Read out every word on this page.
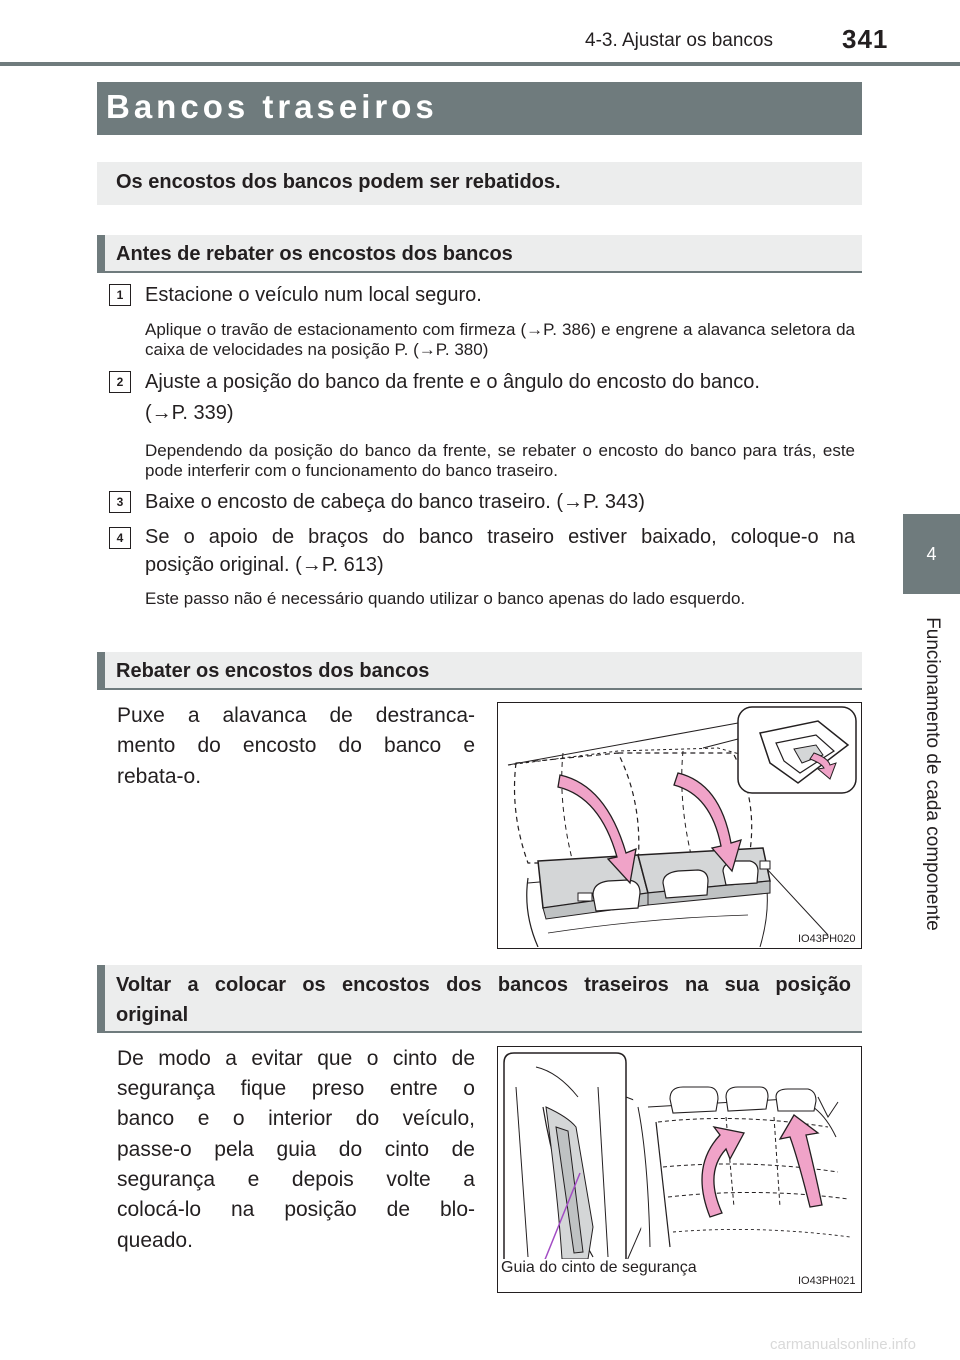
4-3. Ajustar os bancos	341
4
Funcionamento de cada componente
Bancos traseiros
Os encostos dos bancos podem ser rebatidos.
Antes de rebater os encostos dos bancos
1	Estacione o veículo num local seguro.
Aplique o travão de estacionamento com firmeza (→P. 386) e engrene a alavanca seletora da caixa de velocidades na posição P. (→P. 380)
2	Ajuste a posição do banco da frente e o ângulo do encosto do banco.
(→P. 339)
Dependendo da posição do banco da frente, se rebater o encosto do banco para trás, este pode interferir com o funcionamento do banco traseiro.
3	Baixe o encosto de cabeça do banco traseiro. (→P. 343)
4	Se o apoio de braços do banco traseiro estiver baixado, coloque-o na
posição original. (→P. 613)
Este passo não é necessário quando utilizar o banco apenas do lado esquerdo.
Rebater os encostos dos bancos
Puxe a alavanca de destranca-
mento do encosto do banco e
rebata-o.
IO43PH020
Voltar a colocar os encostos dos bancos traseiros na sua posição
original
De modo a evitar que o cinto de
segurança fique preso entre o
banco e o interior do veículo,
passe-o pela guia do cinto de
segurança e depois volte a
colocá-lo na posição de blo-
queado.
Guia do cinto de segurança
IO43PH021
carmanualsonline.info
